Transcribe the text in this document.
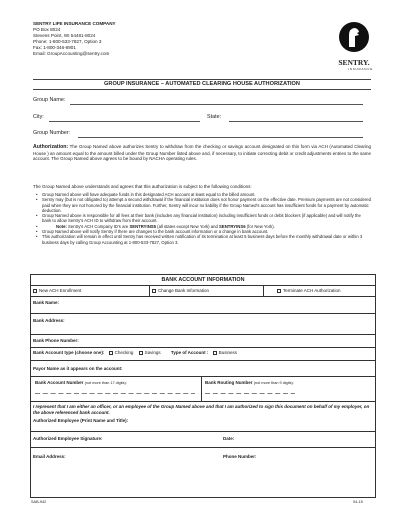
SENTRY LIFE INSURANCE COMPANY
PO Box 8024
Stevens Point, WI 54481-8024
Phone: 1-800-533-7827, Option 3
Fax: 1-800-346-8901
Email: GroupAccounting@sentry.com
SENTRY.
INSURANCE
GROUP INSURANCE – AUTOMATED CLEARING HOUSE AUTHORIZATION
Group Name:
City:	State:
Group Number:
Authorization: The Group Named above authorizes Sentry to withdraw from the checking or savings account designated on this form via ACH (Automated Clearing House ) an amount equal to the amount billed under the Group Number listed above and, if necessary, to initiate correcting debit or credit adjustments entries to the same account. The Group Named above agrees to be bound by NACHA operating rules.
The Group Named above understands and agrees that this authorization is subject to the following conditions:
• Group Named above will have adequate funds in this designated ACH account at least equal to the billed amount.
• Sentry may (but is not obligated to) attempt a second withdrawal if the financial institution does not honor payment on the effective date. Premium payments are not considered paid when they are not honored by the financial institution. Further, Sentry will incur no liability if the Group Named's account has insufficient funds for a payment by automatic deduction.
• Group Named above is responsible for all fees at their bank (includes any financial institution) including insufficient funds or debit blockers (if applicable) and will notify the bank to allow Sentry's ACH ID to withdraw from their account.
• Note: Sentry's ACH Company ID's are SENTRYINS5 (all states except New York) and SENTRYINS6 (for New York).
• Group Named above will notify Sentry if there are changes to the bank account information or a change in bank account.
• This authorization will remain in effect until Sentry has received written notification of its termination at least 5 business days before the monthly withdrawal date or within 3 business days by calling Group Accounting at 1-800-533-7827, Option 3.
BANK ACCOUNT INFORMATION
New ACH Enrollment	Change Bank Information	Terminate ACH Authorization
Bank Name:
Bank Address:
Bank Phone Number:
Bank Account type (choose one): Checking	Savings Type of Account : Business
Payor Name as it appears on the account:
Bank Account Number (not more than 17 digits):	Bank Routing Number (not more than 9 digits):
I represent that I am either an officer, or an employee of the Group Named above and that I am authorized to sign this document on behalf of my employer, on the above referenced bank account.
Authorized Employee (Print Name and Title):
Authorized Employee Signature:	Date:
Email Address:	Phone Number:
SAB-942	04-15
